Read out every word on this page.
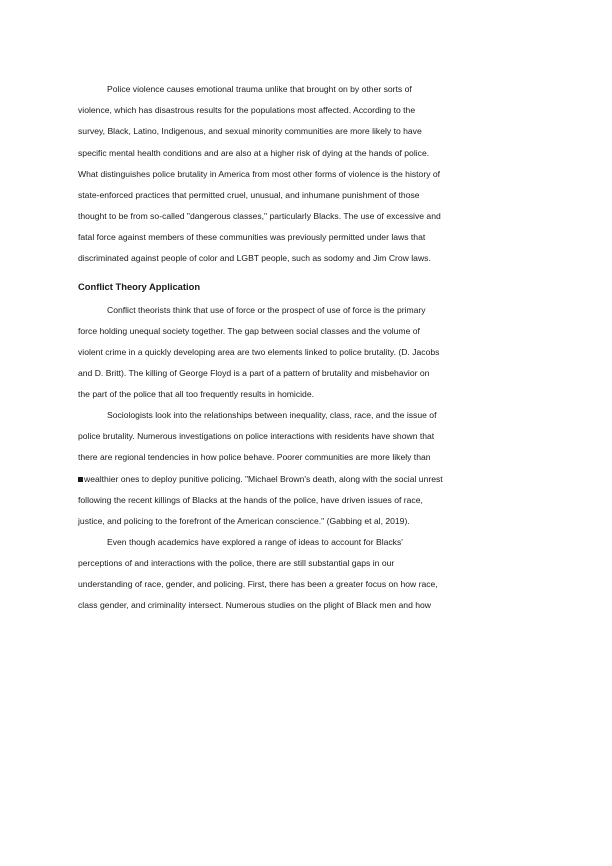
Police violence causes emotional trauma unlike that brought on by other sorts of
violence, which has disastrous results for the populations most affected. According to the
survey, Black, Latino, Indigenous, and sexual minority communities are more likely to have
specific mental health conditions and are also at a higher risk of dying at the hands of police.
What distinguishes police brutality in America from most other forms of violence is the history of
state-enforced practices that permitted cruel, unusual, and inhumane punishment of those
thought to be from so-called "dangerous classes," particularly Blacks. The use of excessive and
fatal force against members of these communities was previously permitted under laws that
discriminated against people of color and LGBT people, such as sodomy and Jim Crow laws.
Conflict Theory Application
Conflict theorists think that use of force or the prospect of use of force is the primary
force holding unequal society together. The gap between social classes and the volume of
violent crime in a quickly developing area are two elements linked to police brutality. (D. Jacobs
and D. Britt). The killing of George Floyd is a part of a pattern of brutality and misbehavior on
the part of the police that all too frequently results in homicide.
Sociologists look into the relationships between inequality, class, race, and the issue of
police brutality. Numerous investigations on police interactions with residents have shown that
there are regional tendencies in how police behave. Poorer communities are more likely than
wealthier ones to deploy punitive policing. "Michael Brown's death, along with the social unrest
following the recent killings of Blacks at the hands of the police, have driven issues of race,
justice, and policing to the forefront of the American conscience." (Gabbing et al, 2019).
Even though academics have explored a range of ideas to account for Blacks'
perceptions of and interactions with the police, there are still substantial gaps in our
understanding of race, gender, and policing. First, there has been a greater focus on how race,
class gender, and criminality intersect. Numerous studies on the plight of Black men and how
